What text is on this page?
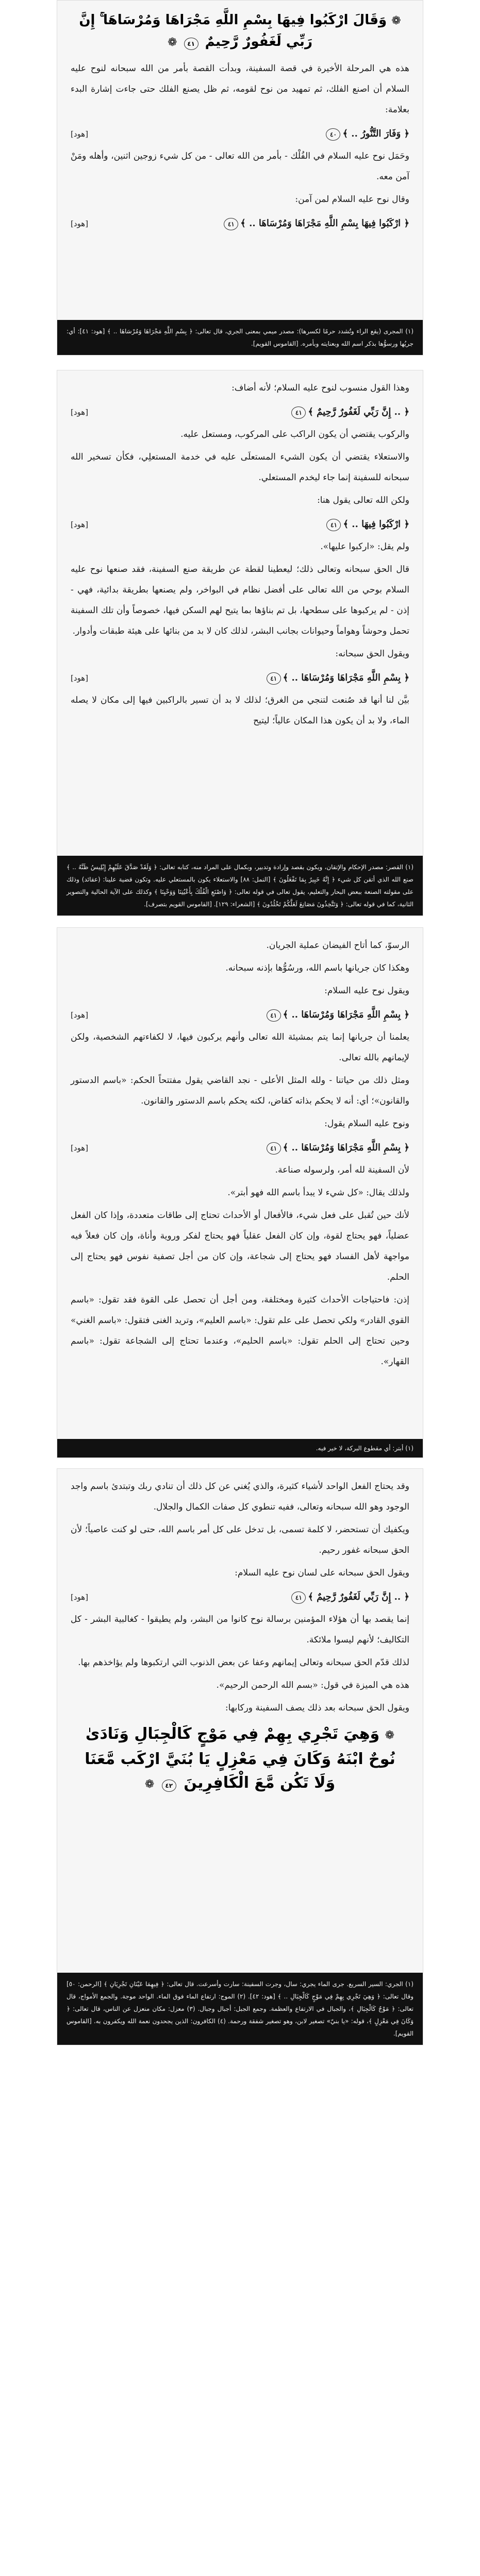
❁ وَقَالَ ارْكَبُوا فِيهَا بِسْمِ اللَّهِ مَجْرَاهَا وَمُرْسَاهَا ۚ إِنَّ رَبِّي لَغَفُورٌ رَّحِيمٌ ٤١ ❁

هذه هي المرحلة الأخيرة في قصة السفينة، وبدأت القصة بأمر من الله سبحانه لنوح عليه السلام أن اصنع الفلك، ثم تمهيد من نوح لقومه، ثم ظل يصنع الفلك حتى جاءت إشارة البدء بعلامة:

﴿ وَفَارَ التَّنُّورُ .. ﴾٤٠
[هود]

وحَمَل نوح عليه السلام في الفُلْك - بأمر من الله تعالى - من كل شيء زوجين اثنين، وأهله ومَنْ آمن معه.

وقال نوح عليه السلام لمن آمن:

﴿ ارْكَبُوا فِيهَا بِسْمِ اللَّهِ مَجْرَاهَا وَمُرْسَاهَا .. ﴾٤١
[هود]
(١) المجرى (يقع الراء وتُشدد حرمًا لكسرها): مصدر ميمي بمعنى الجري، قال تعالى: ﴿ بِسْمِ اللَّهِ مَجْرَاهَا وَمُرْسَاهَا .. ﴾ [هود: ٤١]: أي: جريُها ورسوُّها بذكر اسم الله وبعنايته وبأمره. [القاموس القويم].

وهذا القول منسوب لنوح عليه السلام؛ لأنه أضاف:

﴿ .. إِنَّ رَبِّي لَغَفُورٌ رَّحِيمٌ ﴾٤١
[هود]

والركوب يقتضي أن يكون الراكب على المركوب، ومستعل عليه.

والاستعلاء يقتضي أن يكون الشيء المستعلَى عليه في خدمة المستعلِي، فكأن تسخير الله سبحانه للسفينة إنما جاء ليخدم المستعلي.

ولكن الله تعالى يقول هنا:

﴿ ارْكَبُوا فِيهَا .. ﴾٤١
[هود]

ولم يقل: «اركبوا عليها».

قال الحق سبحانه وتعالى ذلك؛ ليعطينا لقطة عن طريقة صنع السفينة، فقد صنعها نوح عليه السلام بوحي من الله تعالى على أفضل نظام في البواخر، ولم يصنعها بطريقة بدائية، فهي - إذن - لم يركبوها على سطحها، بل تم بناؤها بما يتيح لهم السكن فيها، خصوصاً وأن تلك السفينة تحمل وحوشاً وهواماً وحيوانات بجانب البشر، لذلك كان لا بد من بنائها على هيئة طبقات وأدوار.

ويقول الحق سبحانه:

﴿ بِسْمِ اللَّهِ مَجْرَاهَا وَمُرْسَاهَا .. ﴾٤١
[هود]

بيَّن لنا أنها قد صُنعت لتنجي من الغرق؛ لذلك لا بد أن تسير بالراكبين فيها إلى مكان لا يصله الماء، ولا بد أن يكون هذا المكان عالياً؛ ليتيح

(١) القصر: مصدر الإحكام والإتقان، ويكون بقصد وإرادة وتدبير، وبكمال على المراد منه، كتابه تعالى: ﴿ وَلَقَدْ صَدَّقَ عَلَيْهِمْ إِبْلِيسُ ظَنَّهُ .. ﴾ صنع الله الذي أتقن كل شيء ﴿ إِنَّهُ خَبِيرٌ بِمَا تَفْعَلُونَ ﴾ [النمل: ٨٨] والاستعلاء يكون بالمستعلي عليه. وتكون قضية علينا: (عقائد) وذلك على مقولته الصنعة ببعض البحار والتعليم، يقول تعالى في قوله تعالى: ﴿ وَاصْنَعِ الْفُلْكَ بِأَعْيُنِنَا وَوَحْيِنَا ﴾ وكذلك على الآية الحالية والتصوير الثانية، كما في قوله تعالى: ﴿ وَتَتَّخِذُونَ مَصَانِعَ لَعَلَّكُمْ تَخْلُدُونَ ﴾ [الشعراء: ١٢٩]. [القاموس القويم بتصرف].

الرسوّ، كما أتاح الفيضان عملية الجريان.

وهكذا كان جريانها باسم الله، ورسُوُّها بإذنه سبحانه.

ويقول نوح عليه السلام:

﴿ بِسْمِ اللَّهِ مَجْرَاهَا وَمُرْسَاهَا .. ﴾٤١
[هود]

يعلمنا أن جريانها إنما يتم بمشيئة الله تعالى وأنهم يركبون فيها، لا لكفاءتهم الشخصية، ولكن لإيمانهم بالله تعالى.

ومثل ذلك من حياتنا - ولله المثل الأعلى - نجد القاضي يقول مفتتحاً الحكم: «باسم الدستور والقانون»؛ أي: أنه لا يحكم بذاته كقاض، لكنه يحكم باسم الدستور والقانون.

ونوح عليه السلام يقول:

﴿ بِسْمِ اللَّهِ مَجْرَاهَا وَمُرْسَاهَا .. ﴾٤١
[هود]

لأن السفينة لله أمر، ولرسوله صناعة.

ولذلك يقال: «كل شيء لا يبدأ باسم الله فهو أبتر».

لأنك حين تُقبل على فعل شيء، فالأفعال أو الأحداث تحتاج إلى طاقات متعددة، وإذا كان الفعل عضلياً، فهو يحتاج لقوة، وإن كان الفعل عقلياً فهو يحتاج لفكر وروية وأناة، وإن كان فعلاً فيه مواجهة لأهل الفساد فهو يحتاج إلى شجاعة، وإن كان من أجل تصفية نفوس فهو يحتاج إلى الحلم.

إذن: فاحتياجات الأحداث كثيرة ومختلفة، ومن أجل أن تحصل على القوة فقد تقول: «باسم القوي القادر» ولكي تحصل على علم تقول: «باسم العليم»، وتريد الغنى فتقول: «باسم الغني» وحين تحتاج إلى الحلم تقول: «باسم الحليم»، وعندما تحتاج إلى الشجاعة تقول: «باسم القهار».

(١) أبتر: أي مقطوع البركة، لا خير فيه.

وقد يحتاج الفعل الواحد لأشياء كثيرة، والذي يُغني عن كل ذلك أن تنادي ربك وتبتدئ باسم واجد الوجود وهو الله سبحانه وتعالى، ففيه تنطوي كل صفات الكمال والجلال.

ويكفيك أن تستحضر، لا كلمة تسمى، بل تدخل على كل أمر باسم الله، حتى لو كنت عاصياً؛ لأن الحق سبحانه غفور رحيم.

ويقول الحق سبحانه على لسان نوح عليه السلام:

﴿ .. إِنَّ رَبِّي لَغَفُورٌ رَّحِيمٌ ﴾٤١
[هود]

إنما يقصد بها أن هؤلاء المؤمنين برسالة نوح كانوا من البشر، ولم يطيقوا - كغالبية البشر - كل التكاليف؛ لأنهم ليسوا ملائكة.

لذلك قدّم الحق سبحانه وتعالى إيمانهم وعفا عن بعض الذنوب التي ارتكبوها ولم يؤاخذهم بها.

هذه هي الميزة في قول: «بسم الله الرحمن الرحيم».

ويقول الحق سبحانه بعد ذلك يصف السفينة وركابها:

❁ وَهِيَ تَجْرِي بِهِمْ فِي مَوْجٍ كَالْجِبَالِ وَنَادَىٰ نُوحٌ ابْنَهُ وَكَانَ فِي مَعْزِلٍ يَا بُنَيَّ ارْكَب مَّعَنَا وَلَا تَكُن مَّعَ الْكَافِرِينَ ٤٢ ❁
(١) الجري: السير السريع. جرى الماء يجري: سال، وجرت السفينة: سارت وأسرعت. قال تعالى: ﴿ فِيهِمَا عَيْنَانِ تَجْرِيَانِ ﴾ [الرحمن: ٥٠] وقال تعالى: ﴿ وَهِيَ تَجْرِي بِهِمْ فِي مَوْجٍ كَالْجِبَالِ .. ﴾ [هود: ٤٢]. (٢) الموج: ارتفاع الماء فوق الماء. الواحد موجة. والجمع الأمواج، قال تعالى: ﴿ مَوْجٌ كَالْجِبَالِ ﴾، والجبال في الارتفاع والعظمة. وجمع الجبل: أجبال وجبال. (٣) معزل: مكان منعزل عن الناس، قال تعالى: ﴿ وَكَانَ فِي مَعْزِلٍ ﴾، قوله: «يا بنيّ» تصغير لابن، وهو تصغير شفقة ورحمة. (٤) الكافرون: الذين يجحدون نعمة الله ويكفرون به. [القاموس القويم].
